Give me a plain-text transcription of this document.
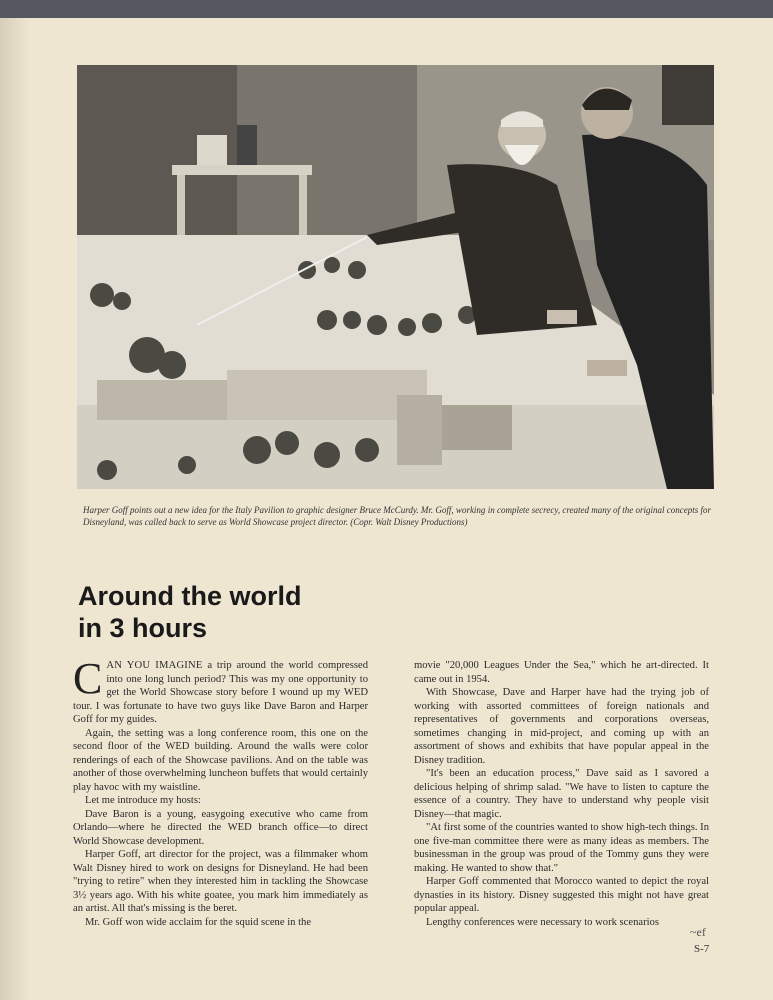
Harper Goff points out a new idea for the Italy Pavilion to graphic designer Bruce McCurdy. Mr. Goff, working in complete secrecy, created many of the original concepts for Disneyland, was called back to serve as World Showcase project director. (Copr. Walt Disney Productions)
Around the world
in 3 hours

CAN YOU IMAGINE a trip around the world compressed into one long lunch period? This was my one opportunity to get the World Showcase story before I wound up my WED tour. I was fortunate to have two guys like Dave Baron and Harper Goff for my guides.

Again, the setting was a long conference room, this one on the second floor of the WED building. Around the walls were color renderings of each of the Showcase pavilions. And on the table was another of those overwhelming luncheon buffets that would certainly play havoc with my waistline.

Let me introduce my hosts:

Dave Baron is a young, easygoing executive who came from Orlando—where he directed the WED branch office—to direct World Showcase development.

Harper Goff, art director for the project, was a filmmaker whom Walt Disney hired to work on designs for Disneyland. He had been "trying to retire" when they interested him in tackling the Showcase 3½ years ago. With his white goatee, you mark him immediately as an artist. All that's missing is the beret.

Mr. Goff won wide acclaim for the squid scene in the

movie "20,000 Leagues Under the Sea," which he art-directed. It came out in 1954.

With Showcase, Dave and Harper have had the trying job of working with assorted committees of foreign nationals and representatives of governments and corporations overseas, sometimes changing in mid-project, and coming up with an assortment of shows and exhibits that have popular appeal in the Disney tradition.

"It's been an education process," Dave said as I savored a delicious helping of shrimp salad. "We have to listen to capture the essence of a country. They have to understand why people visit Disney—that magic.

"At first some of the countries wanted to show high-tech things. In one five-man committee there were as many ideas as members. The businessman in the group was proud of the Tommy guns they were making. He wanted to show that."

Harper Goff commented that Morocco wanted to depict the royal dynasties in its history. Disney suggested this might not have great popular appeal.

Lengthy conferences were necessary to work scenarios

~ef
S-7
